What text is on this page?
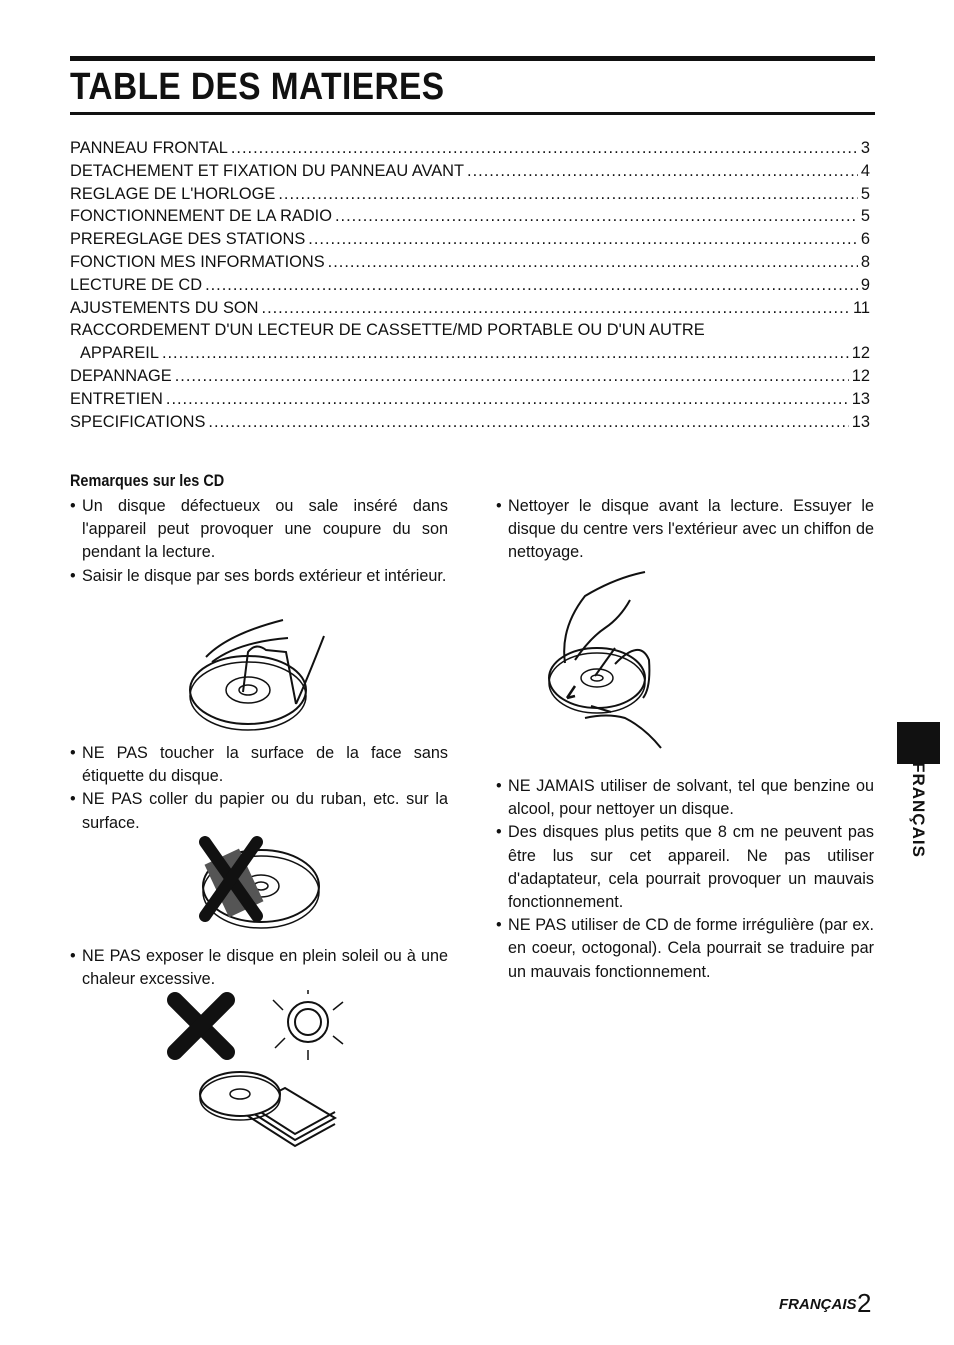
TABLE DES MATIERES
PANNEAU FRONTAL .....	3
DETACHEMENT ET FIXATION DU PANNEAU AVANT .....	4
REGLAGE DE L'HORLOGE .....	5
FONCTIONNEMENT DE LA RADIO .....	5
PREREGLAGE DES STATIONS .....	6
FONCTION MES INFORMATIONS .....	8
LECTURE DE CD .....	9
AJUSTEMENTS DU SON .....	11
RACCORDEMENT D'UN LECTEUR DE CASSETTE/MD PORTABLE OU D'UN AUTRE
APPAREIL .....	12
DEPANNAGE .....	12
ENTRETIEN .....	13
SPECIFICATIONS .....	13
Remarques sur les CD

• Un disque défectueux ou sale inséré dans l'appareil peut provoquer une coupure du son pendant la lecture.

• Saisir le disque par ses bords extérieur et intérieur.

• NE PAS toucher la surface de la face sans étiquette du disque.

• NE PAS coller du papier ou du ruban, etc. sur la surface.

• NE PAS exposer le disque en plein soleil ou à une chaleur excessive.

• Nettoyer le disque avant la lecture. Essuyer le disque du centre vers l'extérieur avec un chiffon de nettoyage.

• NE JAMAIS utiliser de solvant, tel que benzine ou alcool, pour nettoyer un disque.

• Des disques plus petits que 8 cm ne peuvent pas être lus sur cet appareil. Ne pas utiliser d'adaptateur, cela pourrait provoquer un mauvais fonctionnement.

• NE PAS utiliser de CD de forme irrégulière (par ex. en coeur, octogonal). Cela pourrait se traduire par un mauvais fonctionnement.

FRANÇAIS
FRANÇAIS 2
